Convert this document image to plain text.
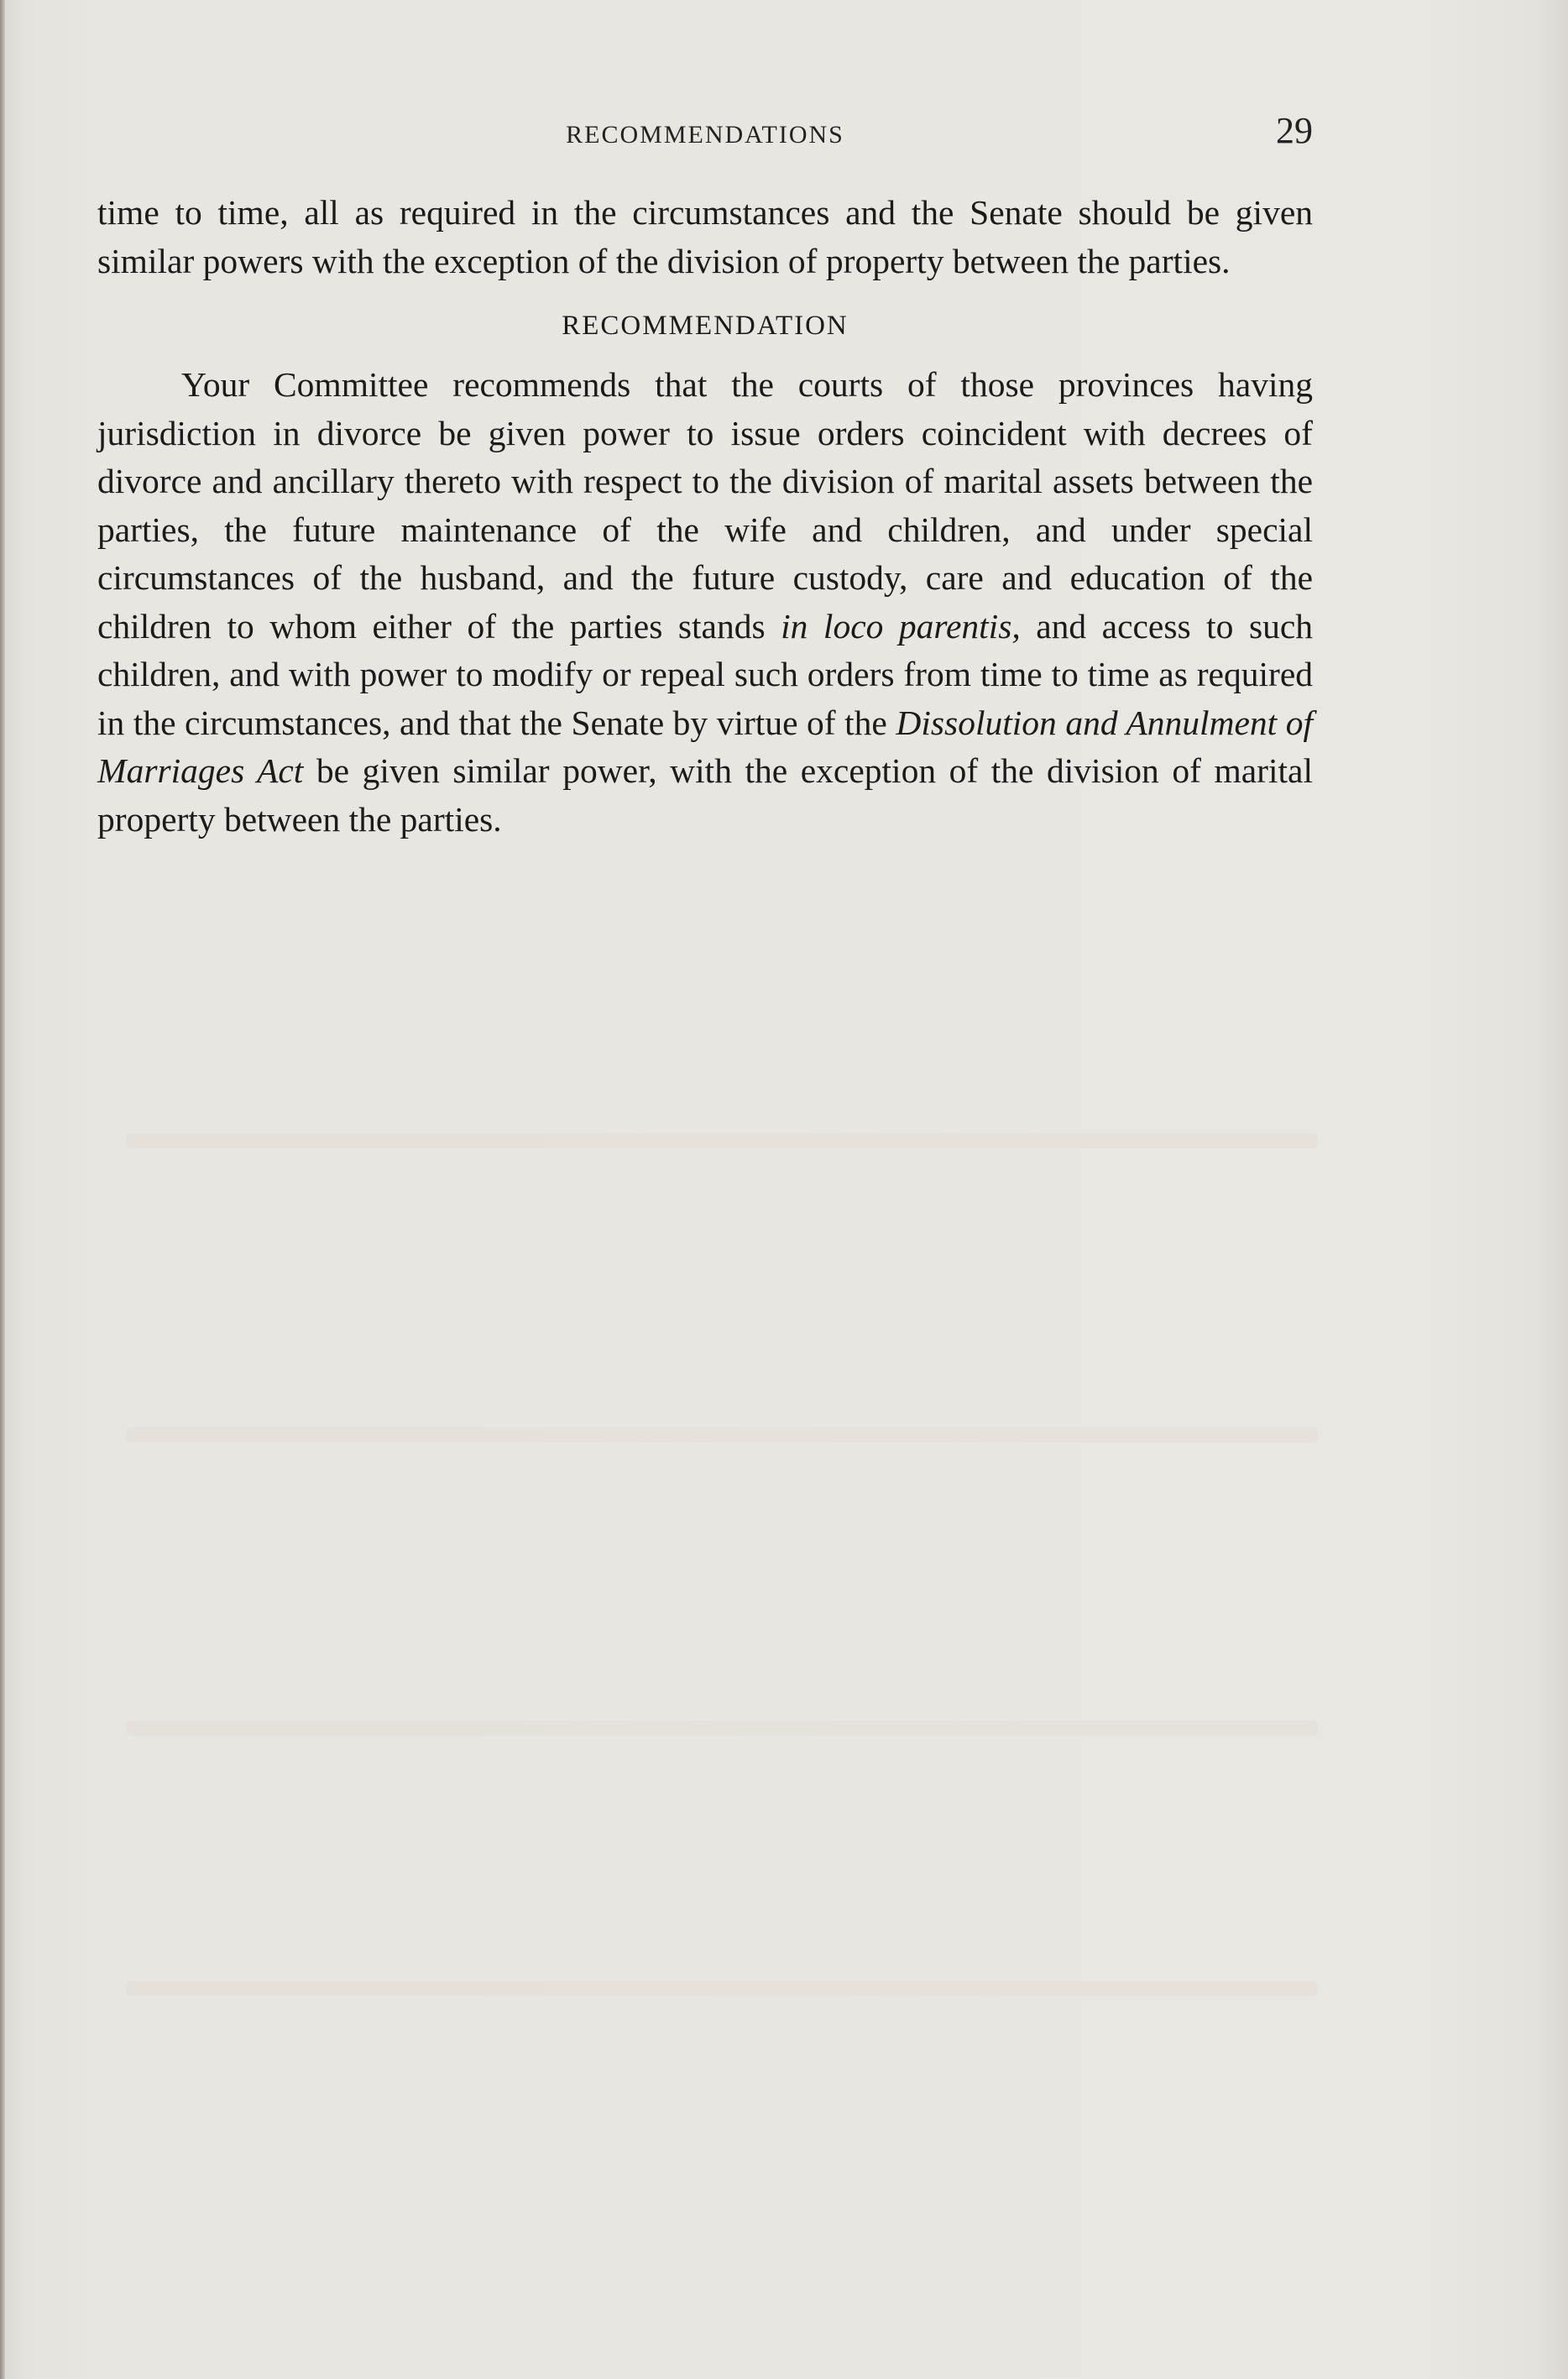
RECOMMENDATIONS	29

time to time, all as required in the circumstances and the Senate should be given similar powers with the exception of the division of property between the parties.

RECOMMENDATION

Your Committee recommends that the courts of those provinces having jurisdiction in divorce be given power to issue orders coincident with decrees of divorce and ancillary thereto with respect to the division of marital assets between the parties, the future maintenance of the wife and children, and under special circumstances of the husband, and the future custody, care and education of the children to whom either of the parties stands in loco parentis, and access to such children, and with power to modify or repeal such orders from time to time as required in the circumstances, and that the Senate by virtue of the Dissolution and Annulment of Marriages Act be given similar power, with the exception of the division of marital property between the parties.
